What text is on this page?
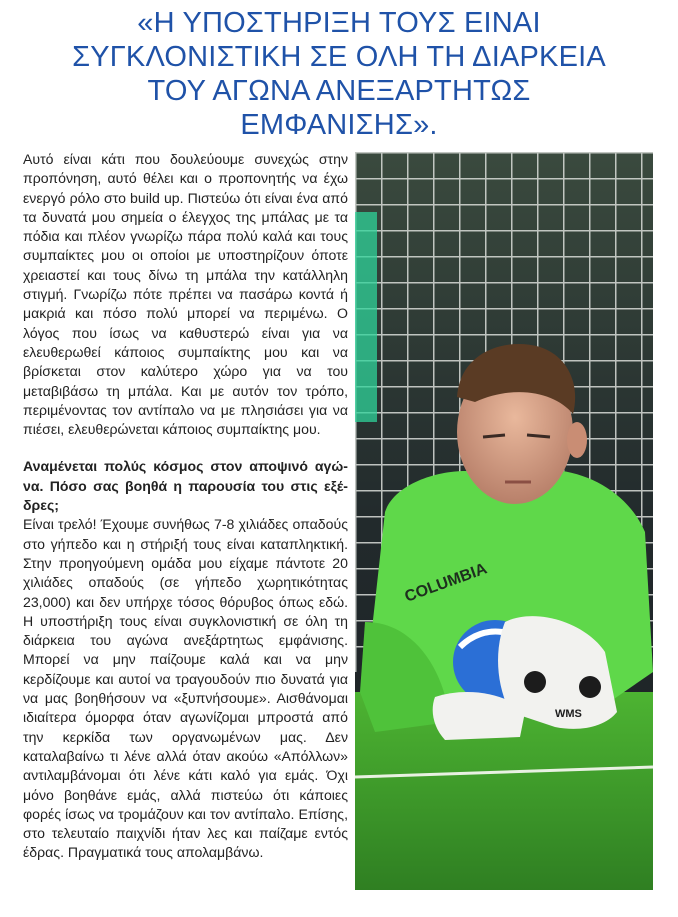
«Η ΥΠΟΣΤΗΡΙΞΗ ΤΟΥΣ ΕΙΝΑΙ
ΣΥΓΚΛΟΝΙΣΤΙΚΗ ΣΕ ΟΛΗ ΤΗ ΔΙΑΡΚΕΙΑ
ΤΟΥ ΑΓΩΝΑ ΑΝΕΞΑΡΤΗΤΩΣ
ΕΜΦΑΝΙΣΗΣ».

Αυτό είναι κάτι που δουλεύουμε συνεχώς στην προπόνηση, αυτό θέλει και ο προπονητής να έχω ενεργό ρόλο στο build up. Πιστεύω ότι είναι ένα από τα δυνατά μου σημεία ο έλεγχος της μπάλας με τα πόδια και πλέον γνωρίζω πάρα πολύ καλά και τους συμπαίκτες μου οι οποίοι με υποστηρίζουν όποτε χρειαστεί και τους δίνω τη μπάλα την κατάλληλη στιγμή. Γνωρίζω πότε πρέπει να πασάρω κοντά ή μακριά και πόσο πολύ μπορεί να περιμένω. Ο λόγος που ίσως να καθυστερώ είναι για να ελευθερωθεί κάποιος συμπαίκτης μου και να βρίσκεται στον καλύτερο χώρο για να του μεταβιβάσω τη μπάλα. Και με αυτόν τον τρόπο, περιμένοντας τον αντίπαλο να με πλησιάσει για να πιέσει, ελευθερώνεται κάποιος συμπαίκτης μου.

Αναμένεται πολύς κόσμος στον αποψινό αγώνα. Πόσο σας βοηθά η παρουσία του στις εξέδρες;

Είναι τρελό! Έχουμε συνήθως 7-8 χιλιάδες οπαδούς στο γήπεδο και η στήριξή τους είναι καταπληκτική. Στην προηγούμενη ομάδα μου είχαμε πάντοτε 20 χιλιάδες οπαδούς (σε γήπεδο χωρητικότητας 23,000) και δεν υπήρχε τόσος θόρυβος όπως εδώ. Η υποστήριξη τους είναι συγκλονιστική σε όλη τη διάρκεια του αγώνα ανεξάρτητως εμφάνισης. Μπορεί να μην παίζουμε καλά και να μην κερδίζουμε και αυτοί να τραγουδούν πιο δυνατά για να μας βοηθήσουν να «ξυπνήσουμε». Αισθάνομαι ιδιαίτερα όμορφα όταν αγωνίζομαι μπροστά από την κερκίδα των οργανωμένων μας. Δεν καταλαβαίνω τι λένε αλλά όταν ακούω «Απόλλων» αντιλαμβάνομαι ότι λένε κάτι καλό για εμάς. Όχι μόνο βοηθάνε εμάς, αλλά πιστεύω ότι κάποιες φορές ίσως να τρομάζουν και τον αντίπαλο. Επίσης, στο τελευταίο παιχνίδι ήταν λες και παίζαμε εντός έδρας. Πραγματικά τους απολαμβάνω.

COLUMBIA
WMS
